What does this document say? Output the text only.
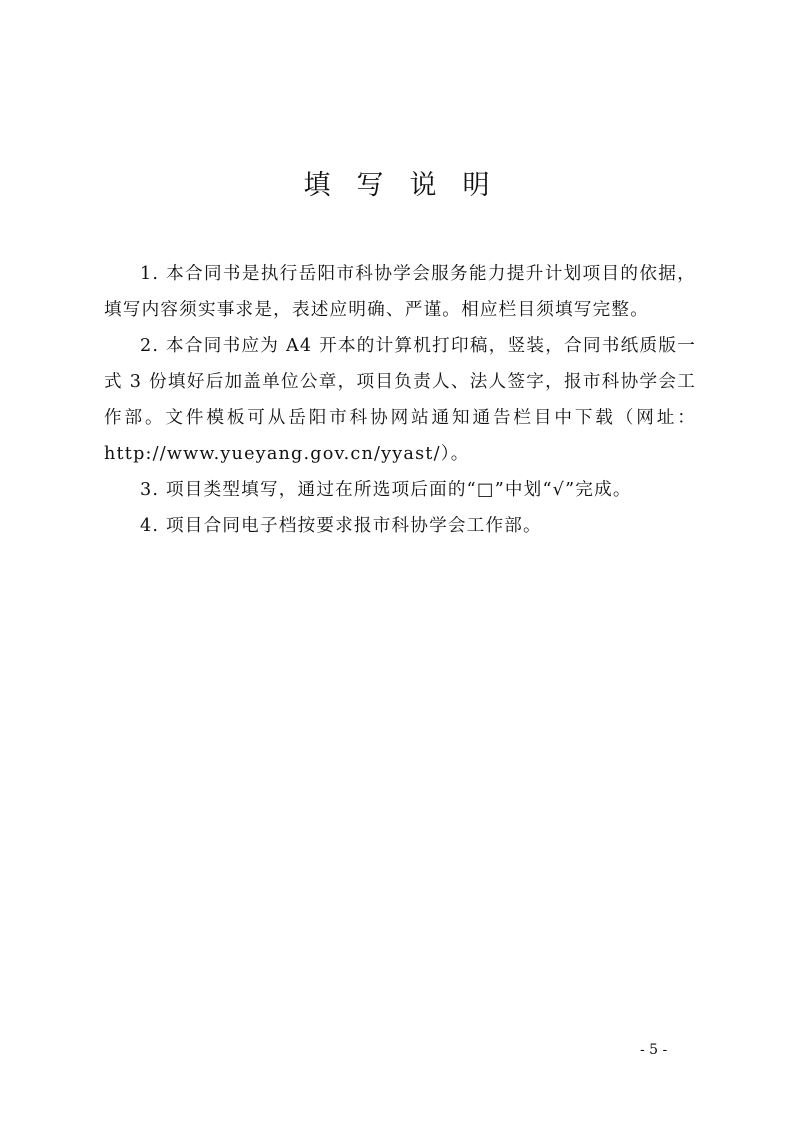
填写说明

1. 本合同书是执行岳阳市科协学会服务能力提升计划项目的依据，填写内容须实事求是，表述应明确、严谨。相应栏目须填写完整。

2. 本合同书应为 A4 开本的计算机打印稿，竖装，合同书纸质版一式 3 份填好后加盖单位公章，项目负责人、法人签字，报市科协学会工作部。文件模板可从岳阳市科协网站通知通告栏目中下载（网址：http://www.yueyang.gov.cn/yyast/）。

3. 项目类型填写，通过在所选项后面的“□”中划“√”完成。

4. 项目合同电子档按要求报市科协学会工作部。

- 5 -
